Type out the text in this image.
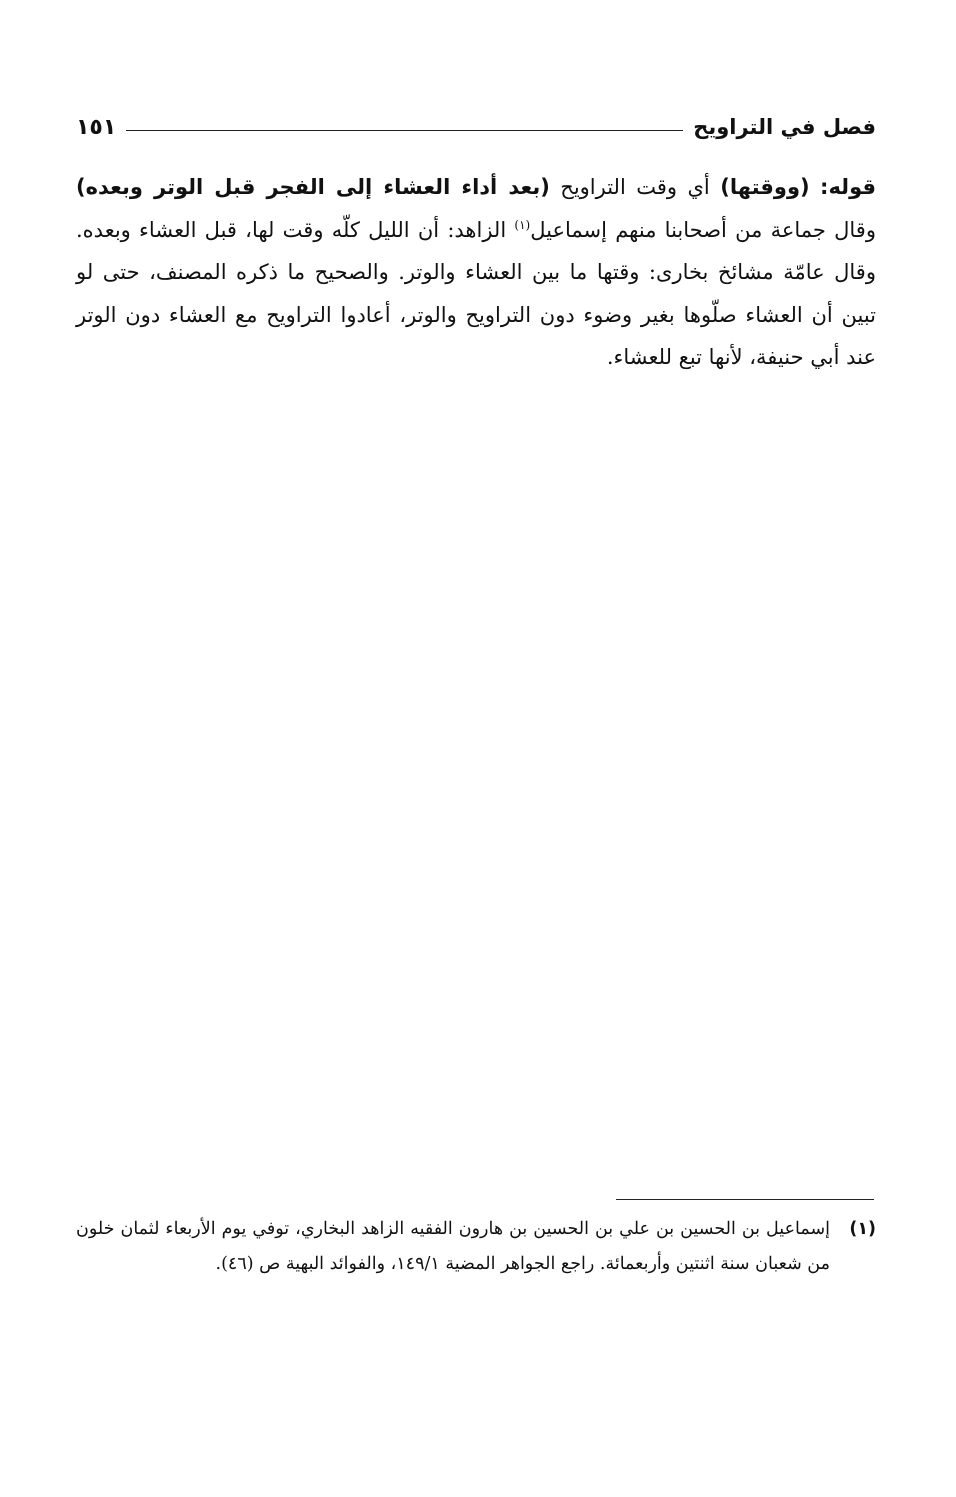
فصل في التراويح
١٥١
قوله: (ووقتها) أي وقت التراويح (بعد أداء العشاء إلى الفجر قبل الوتر وبعده) وقال جماعة من أصحابنا منهم إسماعيل$^{(١)}$ الزاهد: أن الليل كلّه وقت لها، قبل العشاء وبعده. وقال عامّة مشائخ بخارى: وقتها ما بين العشاء والوتر. والصحيح ما ذكره المصنف، حتى لو تبين أن العشاء صلّوها بغير وضوء دون التراويح والوتر، أعادوا التراويح مع العشاء دون الوتر عند أبي حنيفة، لأنها تبع للعشاء.
(١)
إسماعيل بن الحسين بن علي بن الحسين بن هارون الفقيه الزاهد البخاري، توفي يوم الأربعاء لثمان خلون من شعبان سنة اثنتين وأربعمائة. راجع الجواهر المضية ١٤٩/١، والفوائد البهية ص (٤٦).
